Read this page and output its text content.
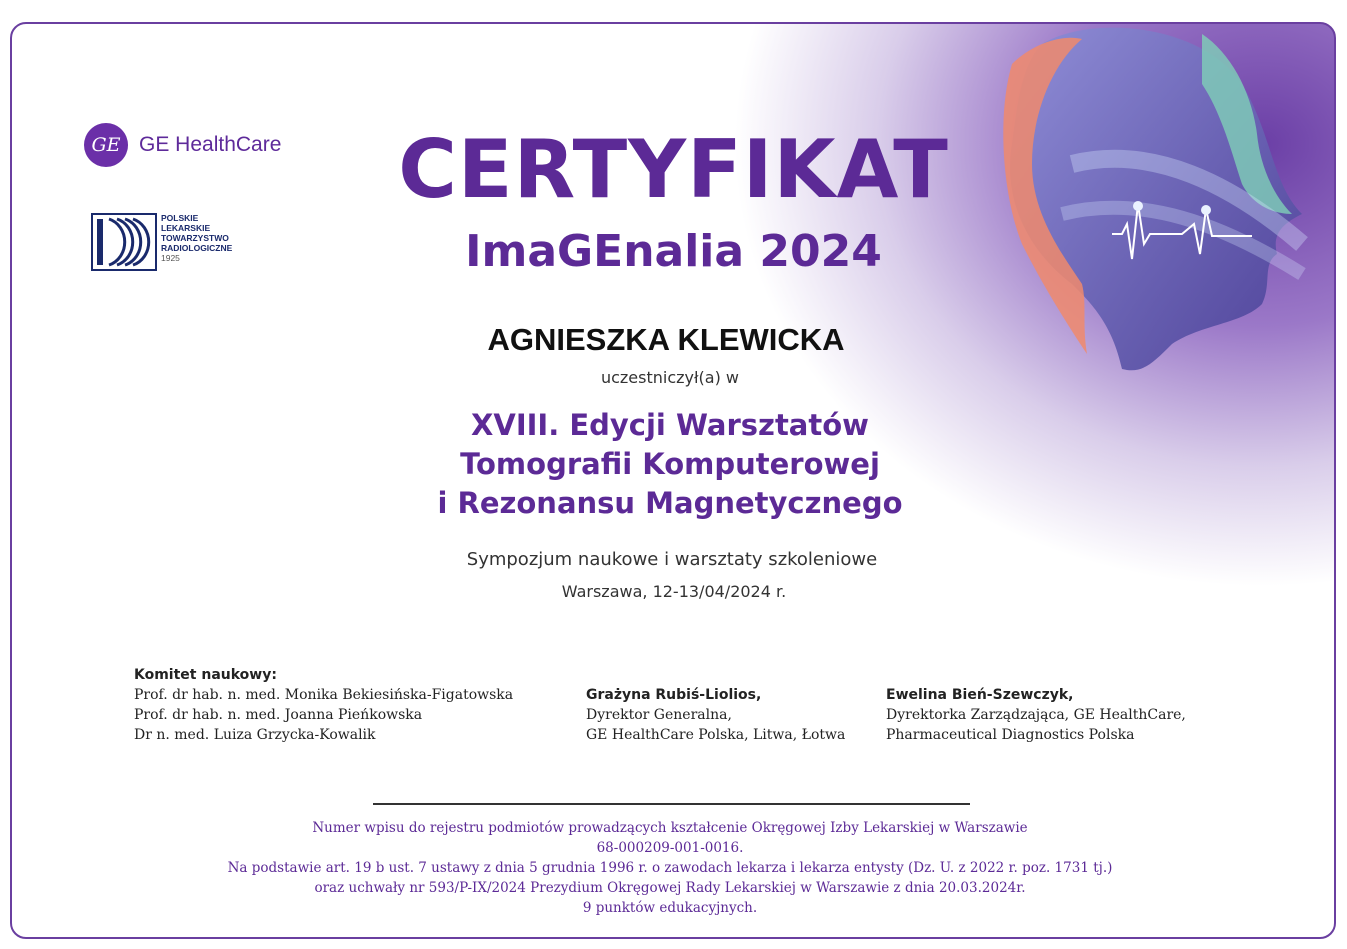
GE GE HealthCare
POLSKIE
LEKARSKIE
TOWARZYSTWO
RADIOLOGICZNE
1925
CERTYFIKAT
ImaGEnalia 2024
AGNIESZKA KLEWICKA
uczestniczył(a) w
XVIII. Edycji Warsztatów
Tomografii Komputerowej
i Rezonansu Magnetycznego
Sympozjum naukowe i warsztaty szkoleniowe
Warszawa, 12-13/04/2024 r.
Komitet naukowy:
Prof. dr hab. n. med. Monika Bekiesińska-Figatowska
Prof. dr hab. n. med. Joanna Pieńkowska
Dr n. med. Luiza Grzycka-Kowalik
Grażyna Rubiś-Liolios,
Dyrektor Generalna,
GE HealthCare Polska, Litwa, Łotwa
Ewelina Bień-Szewczyk,
Dyrektorka Zarządzająca, GE HealthCare,
Pharmaceutical Diagnostics Polska
Numer wpisu do rejestru podmiotów prowadzących kształcenie Okręgowej Izby Lekarskiej w Warszawie
68-000209-001-0016.
Na podstawie art. 19 b ust. 7 ustawy z dnia 5 grudnia 1996 r. o zawodach lekarza i lekarza entysty (Dz. U. z 2022 r. poz. 1731 tj.)
oraz uchwały nr 593/P-IX/2024 Prezydium Okręgowej Rady Lekarskiej w Warszawie z dnia 20.03.2024r.
9 punktów edukacyjnych.
